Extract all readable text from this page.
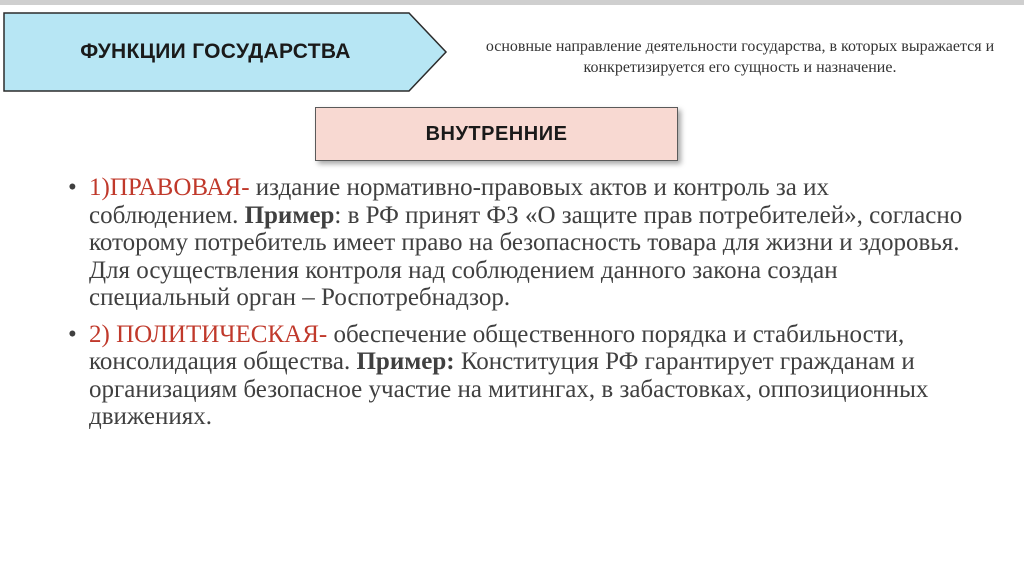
ФУНКЦИИ ГОСУДАРСТВА	основные направление деятельности государства, в которых выражается и конкретизируется его сущность и назначение.
ВНУТРЕННИЕ
• 1)ПРАВОВАЯ- издание нормативно-правовых актов и контроль за их соблюдением. Пример: в РФ принят ФЗ «О защите прав потребителей», согласно которому потребитель имеет право на безопасность товара для жизни и здоровья. Для осуществления контроля над соблюдением данного закона создан специальный орган – Роспотребнадзор.
• 2) ПОЛИТИЧЕСКАЯ- обеспечение общественного порядка и стабильности, консолидация общества. Пример: Конституция РФ гарантирует гражданам и организациям безопасное участие на митингах, в забастовках, оппозиционных движениях.
